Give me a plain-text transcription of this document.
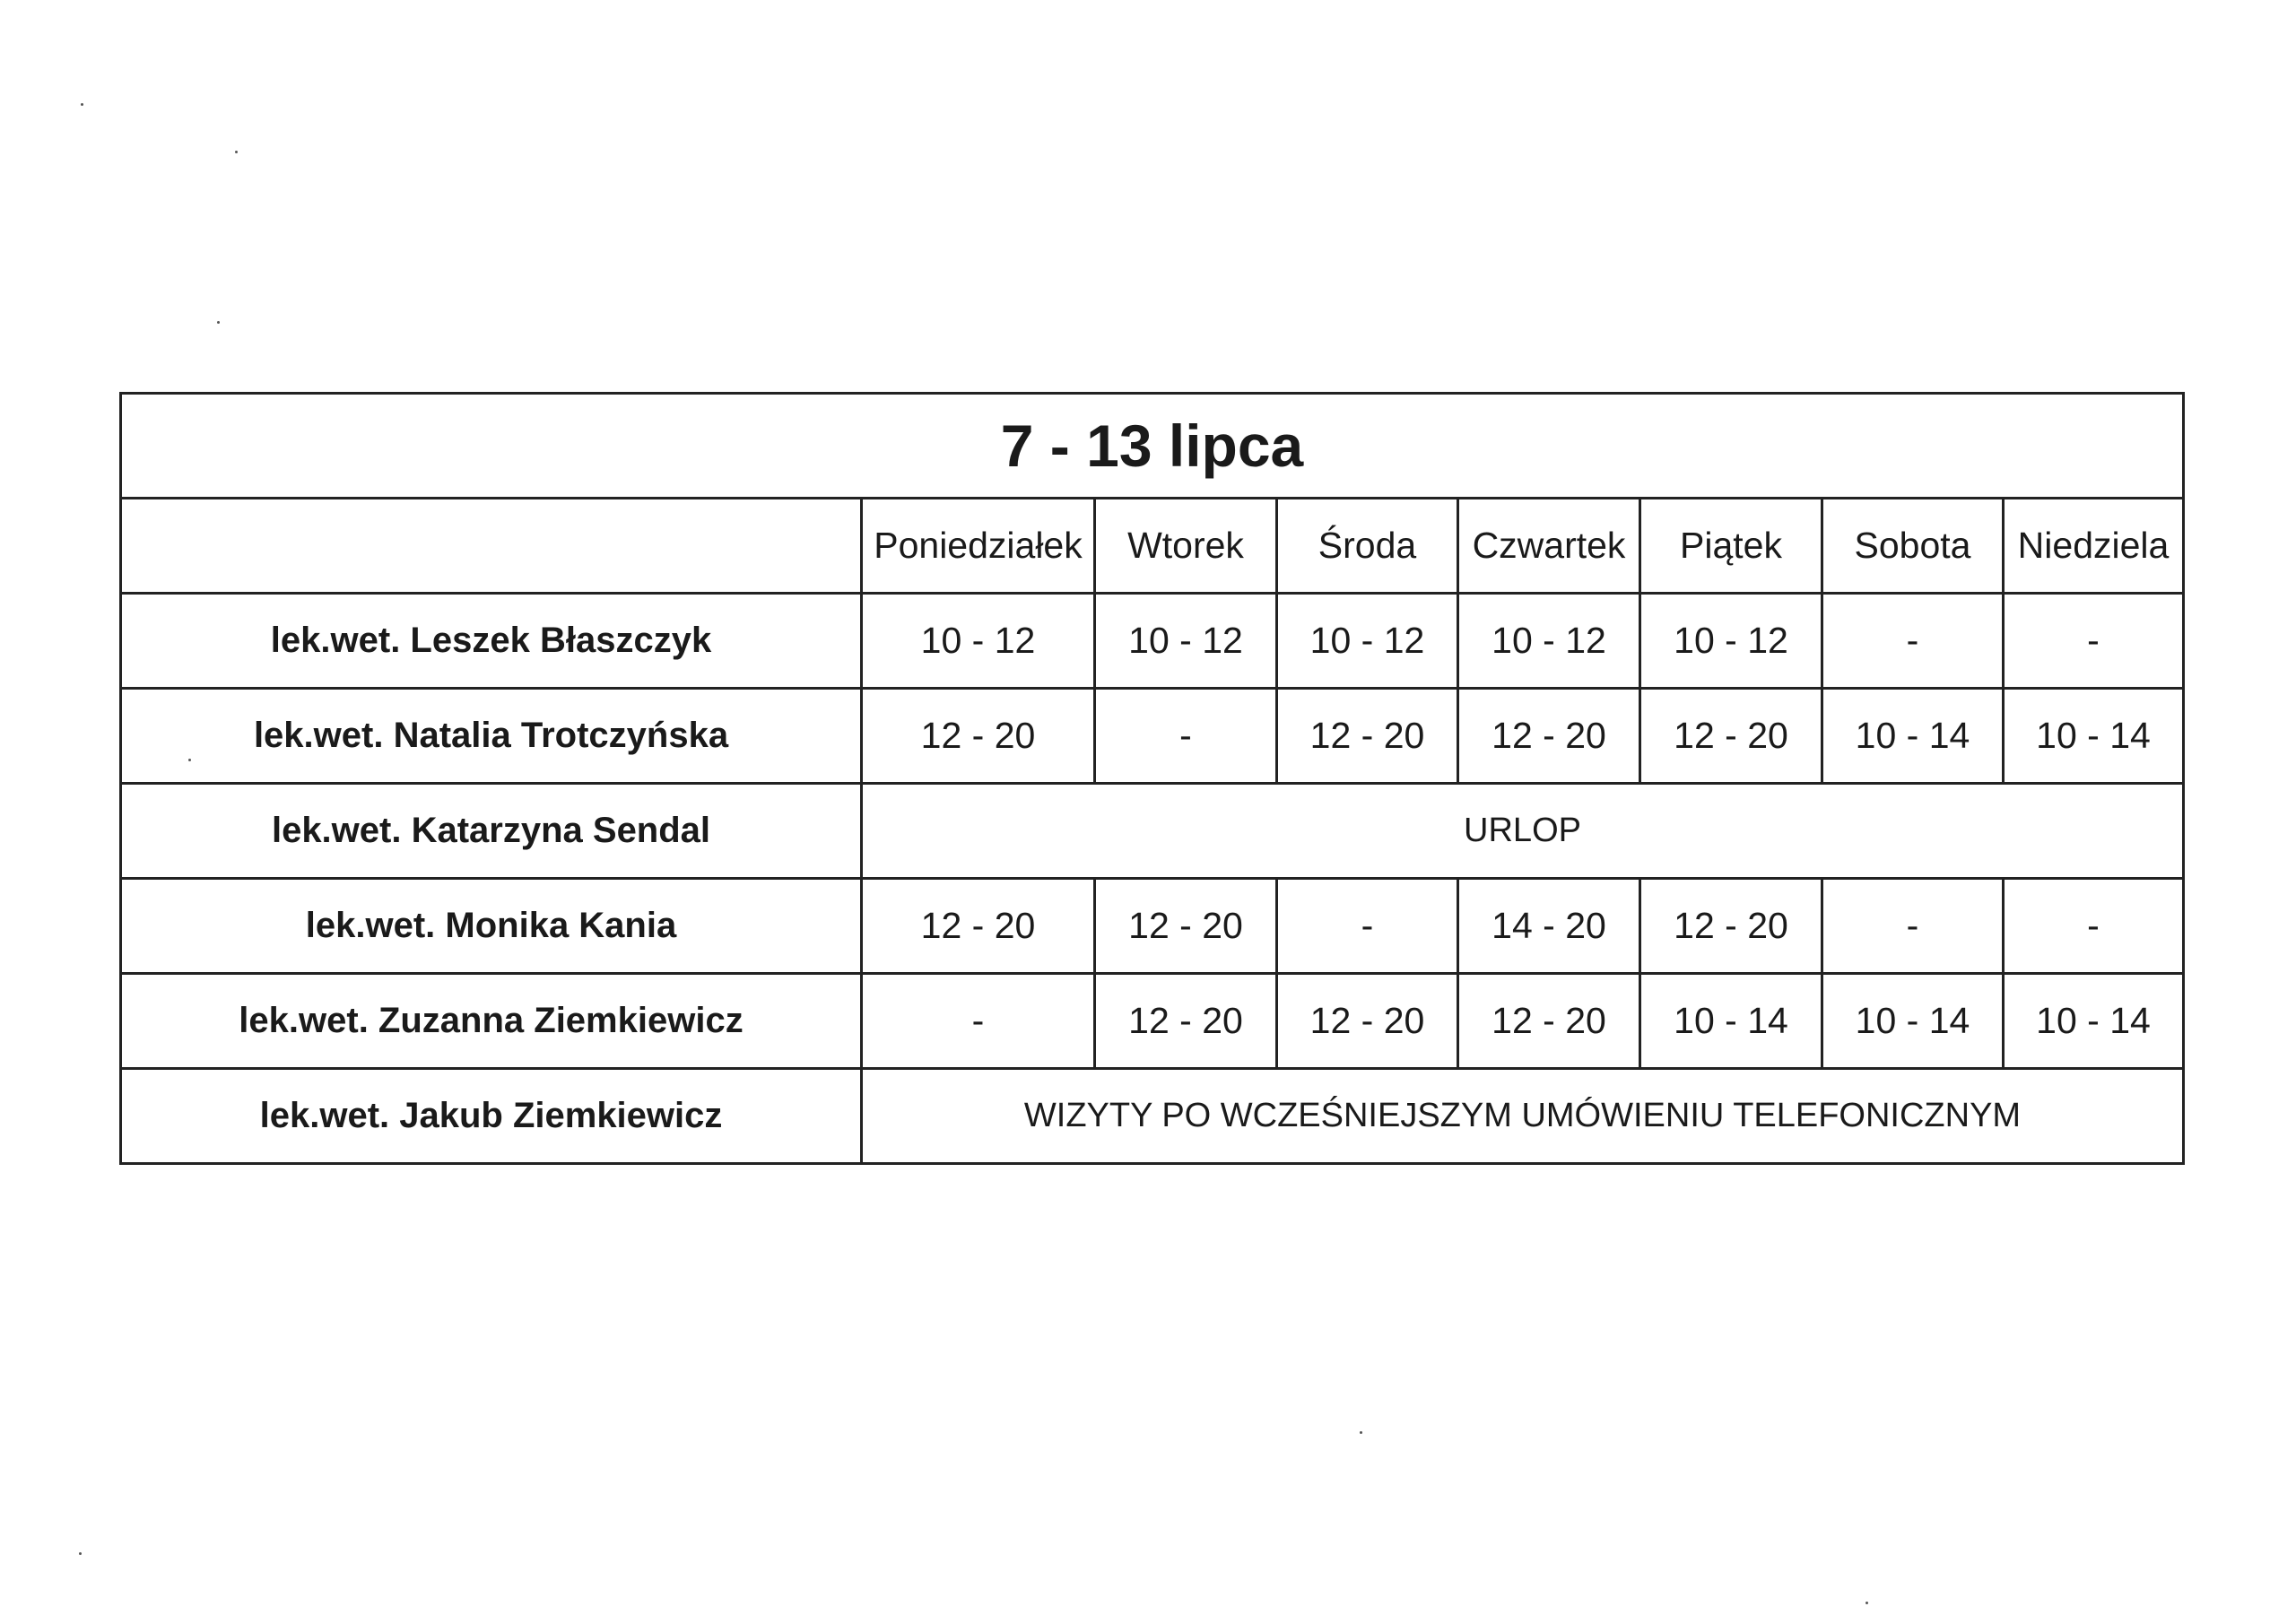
7 - 13 lipca							
	Poniedziałek	Wtorek	Środa	Czwartek	Piątek	Sobota	Niedziela
lek.wet. Leszek Błaszczyk	10 - 12	10 - 12	10 - 12	10 - 12	10 - 12	-	-
lek.wet. Natalia Trotczyńska	12 - 20	-	12 - 20	12 - 20	12 - 20	10 - 14	10 - 14
lek.wet. Katarzyna Sendal	URLOP						
lek.wet. Monika Kania	12 - 20	12 - 20	-	14 - 20	12 - 20	-	-
lek.wet. Zuzanna Ziemkiewicz	-	12 - 20	12 - 20	12 - 20	10 - 14	10 - 14	10 - 14
lek.wet. Jakub Ziemkiewicz	WIZYTY PO WCZEŚNIEJSZYM UMÓWIENIU TELEFONICZNYM						
